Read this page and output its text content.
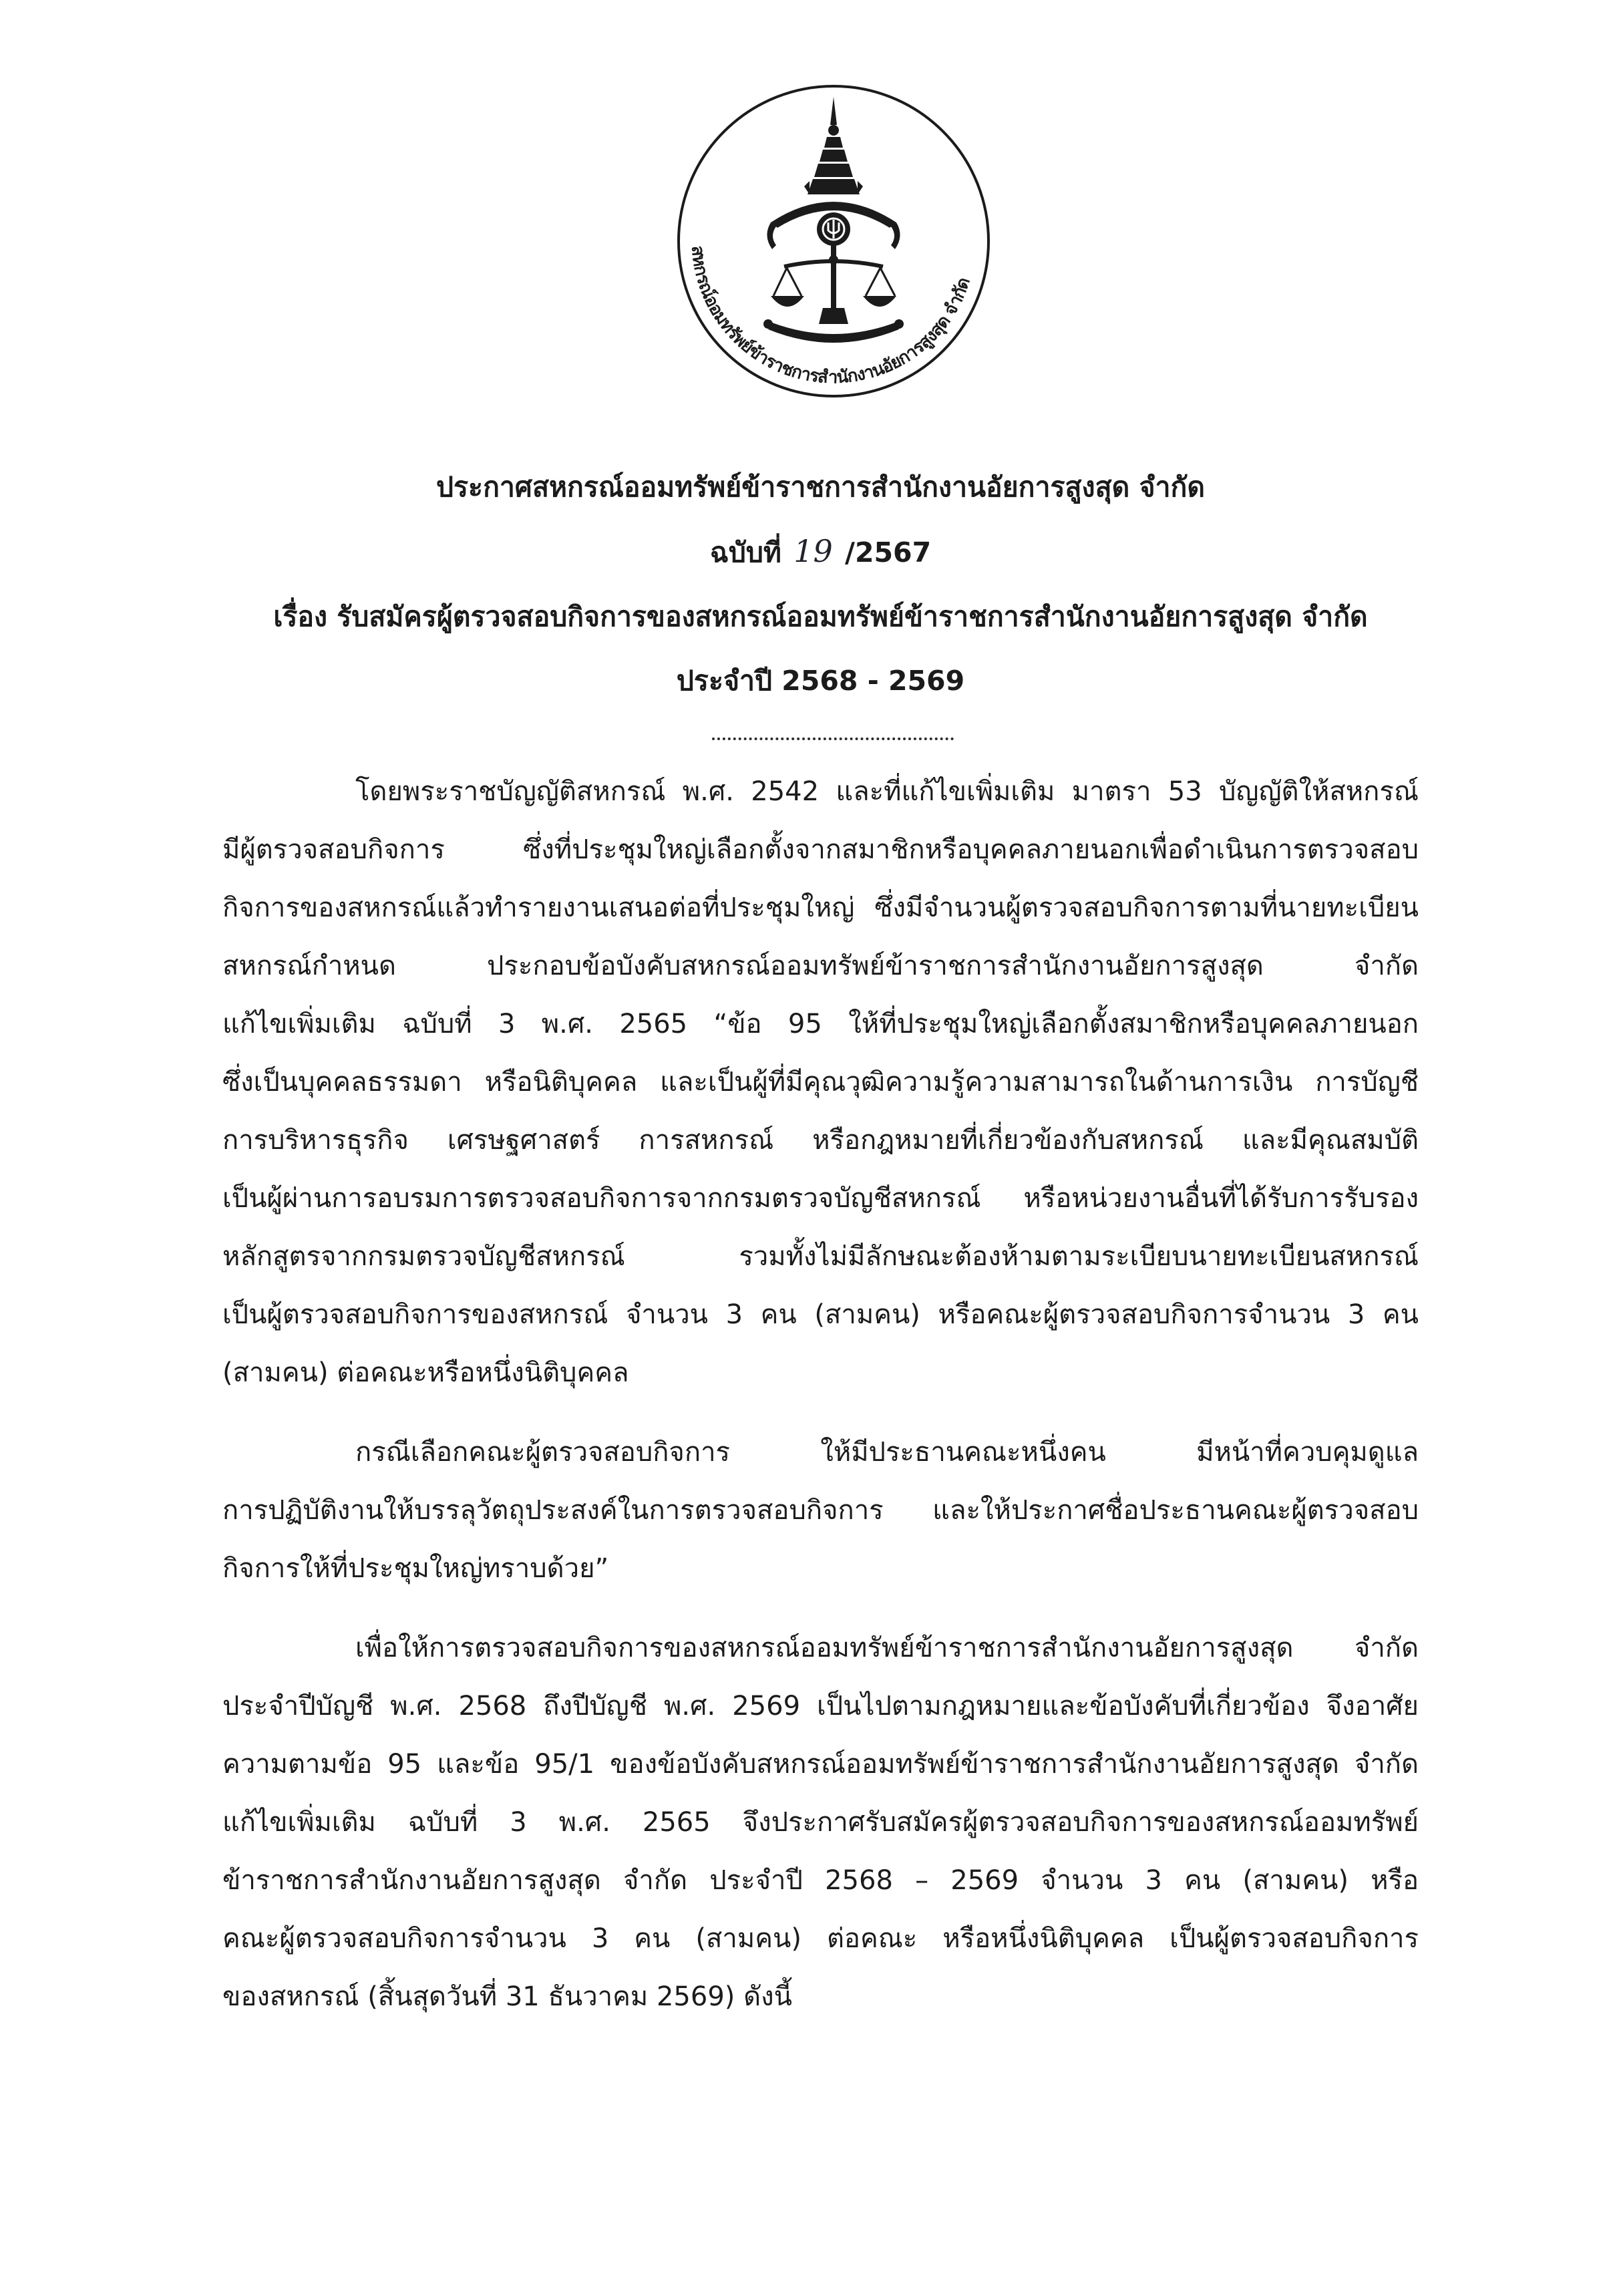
สหกรณ์ออมทรัพย์ข้าราชการสำนักงานอัยการสูงสุด จำกัด
ประกาศสหกรณ์ออมทรัพย์ข้าราชการสำนักงานอัยการสูงสุด จำกัด
ฉบับที่ 19 /2567
เรื่อง รับสมัครผู้ตรวจสอบกิจการของสหกรณ์ออมทรัพย์ข้าราชการสำนักงานอัยการสูงสุด จำกัด
ประจำปี 2568 - 2569
โดยพระราชบัญญัติสหกรณ์ พ.ศ. 2542 และที่แก้ไขเพิ่มเติม มาตรา 53 บัญญัติให้สหกรณ์
มีผู้ตรวจสอบกิจการ ซึ่งที่ประชุมใหญ่เลือกตั้งจากสมาชิกหรือบุคคลภายนอกเพื่อดำเนินการตรวจสอบ
กิจการของสหกรณ์แล้วทำรายงานเสนอต่อที่ประชุมใหญ่ ซึ่งมีจำนวนผู้ตรวจสอบกิจการตามที่นายทะเบียน
สหกรณ์กำหนด ประกอบข้อบังคับสหกรณ์ออมทรัพย์ข้าราชการสำนักงานอัยการสูงสุด จำกัด
แก้ไขเพิ่มเติม ฉบับที่ 3 พ.ศ. 2565 “ข้อ 95 ให้ที่ประชุมใหญ่เลือกตั้งสมาชิกหรือบุคคลภายนอก
ซึ่งเป็นบุคคลธรรมดา หรือนิติบุคคล และเป็นผู้ที่มีคุณวุฒิความรู้ความสามารถในด้านการเงิน การบัญชี
การบริหารธุรกิจ เศรษฐศาสตร์ การสหกรณ์ หรือกฎหมายที่เกี่ยวข้องกับสหกรณ์ และมีคุณสมบัติ
เป็นผู้ผ่านการอบรมการตรวจสอบกิจการจากกรมตรวจบัญชีสหกรณ์ หรือหน่วยงานอื่นที่ได้รับการรับรอง
หลักสูตรจากกรมตรวจบัญชีสหกรณ์ รวมทั้งไม่มีลักษณะต้องห้ามตามระเบียบนายทะเบียนสหกรณ์
เป็นผู้ตรวจสอบกิจการของสหกรณ์ จำนวน 3 คน (สามคน) หรือคณะผู้ตรวจสอบกิจการจำนวน 3 คน
(สามคน) ต่อคณะหรือหนึ่งนิติบุคคล
กรณีเลือกคณะผู้ตรวจสอบกิจการ ให้มีประธานคณะหนึ่งคน มีหน้าที่ควบคุมดูแล
การปฏิบัติงานให้บรรลุวัตถุประสงค์ในการตรวจสอบกิจการ และให้ประกาศชื่อประธานคณะผู้ตรวจสอบ
กิจการให้ที่ประชุมใหญ่ทราบด้วย”
เพื่อให้การตรวจสอบกิจการของสหกรณ์ออมทรัพย์ข้าราชการสำนักงานอัยการสูงสุด จำกัด
ประจำปีบัญชี พ.ศ. 2568 ถึงปีบัญชี พ.ศ. 2569 เป็นไปตามกฎหมายและข้อบังคับที่เกี่ยวข้อง จึงอาศัย
ความตามข้อ 95 และข้อ 95/1 ของข้อบังคับสหกรณ์ออมทรัพย์ข้าราชการสำนักงานอัยการสูงสุด จำกัด
แก้ไขเพิ่มเติม ฉบับที่ 3 พ.ศ. 2565 จึงประกาศรับสมัครผู้ตรวจสอบกิจการของสหกรณ์ออมทรัพย์
ข้าราชการสำนักงานอัยการสูงสุด จำกัด ประจำปี 2568 – 2569 จำนวน 3 คน (สามคน) หรือ
คณะผู้ตรวจสอบกิจการจำนวน 3 คน (สามคน) ต่อคณะ หรือหนึ่งนิติบุคคล เป็นผู้ตรวจสอบกิจการ
ของสหกรณ์ (สิ้นสุดวันที่ 31 ธันวาคม 2569) ดังนี้
